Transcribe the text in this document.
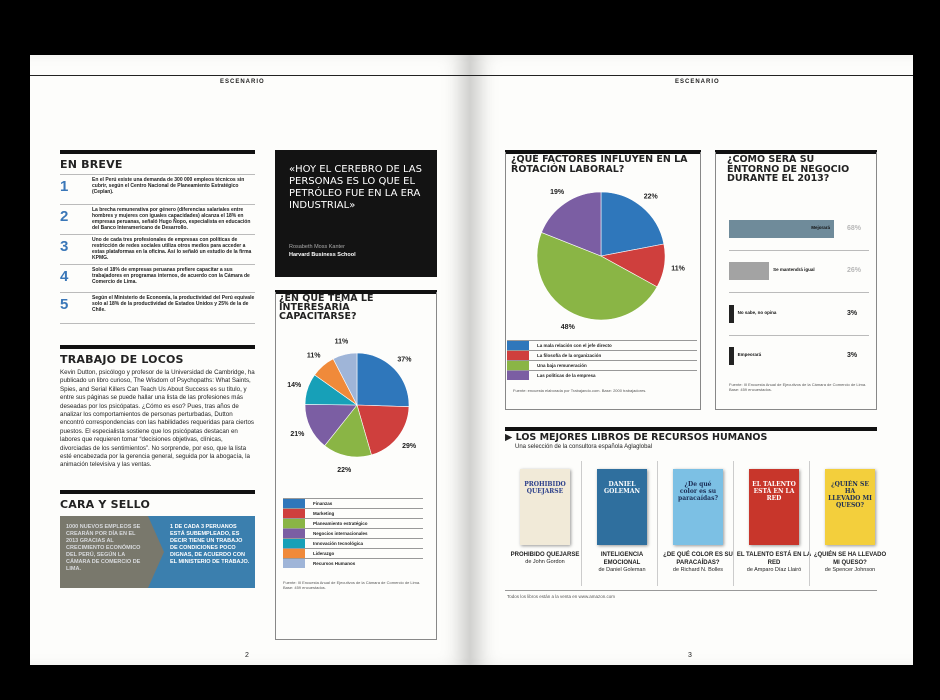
ESCENARIO
EN BREVE
1	En el Perú existe una demanda de 300 000 empleos técnicos sin cubrir, según el Centro Nacional de Planeamiento Estratégico (Ceplan).
2	La brecha remunerativa por género (diferencias salariales entre hombres y mujeres con iguales capacidades) alcanza el 18% en empresas peruanas, señaló Hugo Ñopo, especialista en educación del Banco Interamericano de Desarrollo.
3	Uno de cada tres profesionales de empresas con políticas de restricción de redes sociales utiliza otros medios para acceder a estas plataformas en la oficina. Así lo señaló un estudio de la firma KPMG.
4	Solo el 18% de empresas peruanas prefiere capacitar a sus trabajadores en programas internos, de acuerdo con la Cámara de Comercio de Lima.
5	Según el Ministerio de Economía, la productividad del Perú equivale solo al 18% de la productividad de Estados Unidos y 25% de la de Chile.
TRABAJO DE LOCOS
Kevin Dutton, psicólogo y profesor de la Universidad de Cambridge, ha publicado un libro curioso, The Wisdom of Psychopaths: What Saints, Spies, and Serial Killers Can Teach Us About Success es su título, y entre sus páginas se puede hallar una lista de las profesiones más deseadas por los psicópatas. ¿Cómo es eso? Pues, tras años de analizar los comportamientos de personas perturbadas, Dutton encontró correspondencias con las habilidades requeridas para ciertos puestos. El especialista sostiene que los psicópatas destacan en labores que requieren tomar “decisiones objetivas, clínicas, divorciadas de los sentimientos”. No sorprende, por eso, que la lista esté encabezada por la gerencia general, seguida por la abogacía, la animación televisiva y las ventas.
CARA Y SELLO
1000 NUEVOS EMPLEOS SE CREARÁN POR DÍA EN EL 2013 GRACIAS AL CRECIMIENTO ECONÓMICO DEL PERÚ, SEGÚN LA CÁMARA DE COMERCIO DE LIMA.
1 DE CADA 3 PERUANOS ESTÁ SUBEMPLEADO, ES DECIR TIENE UN TRABAJO DE CONDICIONES POCO DIGNAS, DE ACUERDO CON EL MINISTERIO DE TRABAJO.
«HOY EL CEREBRO DE LAS PERSONAS ES LO QUE EL PETRÓLEO FUE EN LA ERA INDUSTRIAL»
Rosabeth Moss Kanter
Harvard Business School
¿EN QUÉ TEMA LE INTERESARÍA CAPACITARSE?
37%
29%
22%
21%
14%
11%
11%
Finanzas
Marketing
Planeamiento estratégico
Negocios internacionales
Innovación tecnológica
Liderazgo
Recursos Humanos
Fuente: III Encuesta Anual de Ejecutivos de la Cámara de Comercio de Lima. Base: 459 encuestados.
2
ESCENARIO
¿QUÉ FACTORES INFLUYEN EN LA ROTACIÓN LABORAL?
22%
11%
48%
19%
La mala relación con el jefe directo
La filosofía de la organización
Una baja remuneración
Las políticas de la empresa
Fuente: encuesta elaborada por Trabajando.com. Base: 2000 trabajadores.
¿CÓMO SERÁ SU ENTORNO DE NEGOCIO DURANTE EL 2013?
Mejorará 68%
Se mantendrá igual	26%
No sabe, no opina	3%
Empeorará	3%
Fuente: III Encuesta Anual de Ejecutivos de la Cámara de Comercio de Lima. Base: 459 encuestados.
▶ LOS MEJORES LIBROS DE RECURSOS HUMANOS
Una selección de la consultora española Aglaglobal
PROHIBIDO QUEJARSE
PROHIBIDO QUEJARSE
de John Gordon
DANIEL GOLEMAN
INTELIGENCIA EMOCIONAL
de Daniel Goleman
¿De qué color es su paracaídas?
¿DE QUÉ COLOR ES SU PARACAÍDAS?
de Richard N. Bolles
EL TALENTO ESTÁ EN LA RED
EL TALENTO ESTÁ EN LA RED
de Amparo Díaz Llairó
¿QUIÉN SE HA LLEVADO MI QUESO?
¿QUIÉN SE HA LLEVADO MI QUESO?
de Spencer Johnson
Todos los libros están a la venta en www.amazon.com
3
